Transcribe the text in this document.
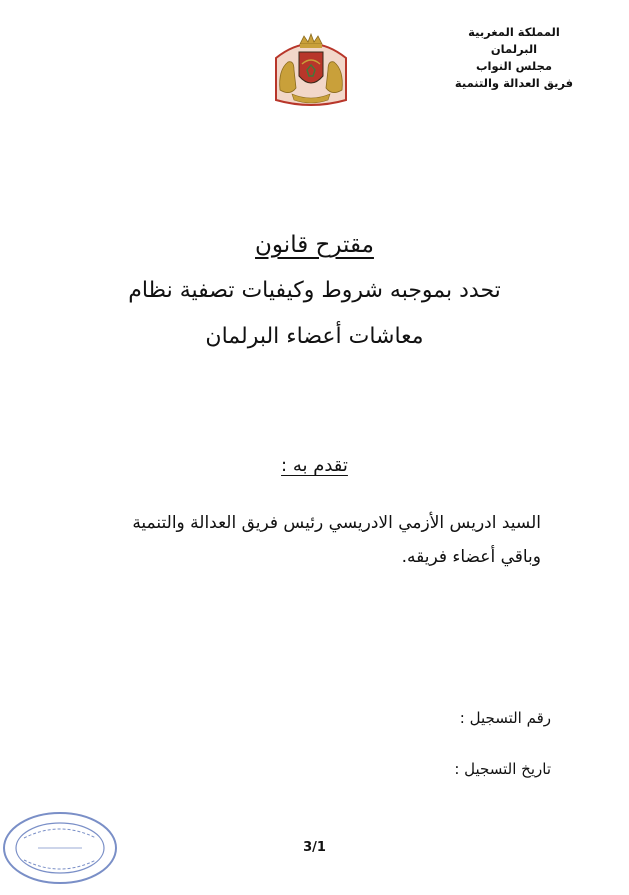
المملكة المغربية
البرلمان
مجلس النواب
فريق العدالة والتنمية
مقترح قانون
تحدد بموجبه شروط وكيفيات تصفية نظام
معاشات أعضاء البرلمان
تقدم به :
السيد ادريس الأزمي الادريسي رئيس فريق العدالة والتنمية
وباقي أعضاء فريقه.
رقم التسجيل :
تاريخ التسجيل :
3/1
